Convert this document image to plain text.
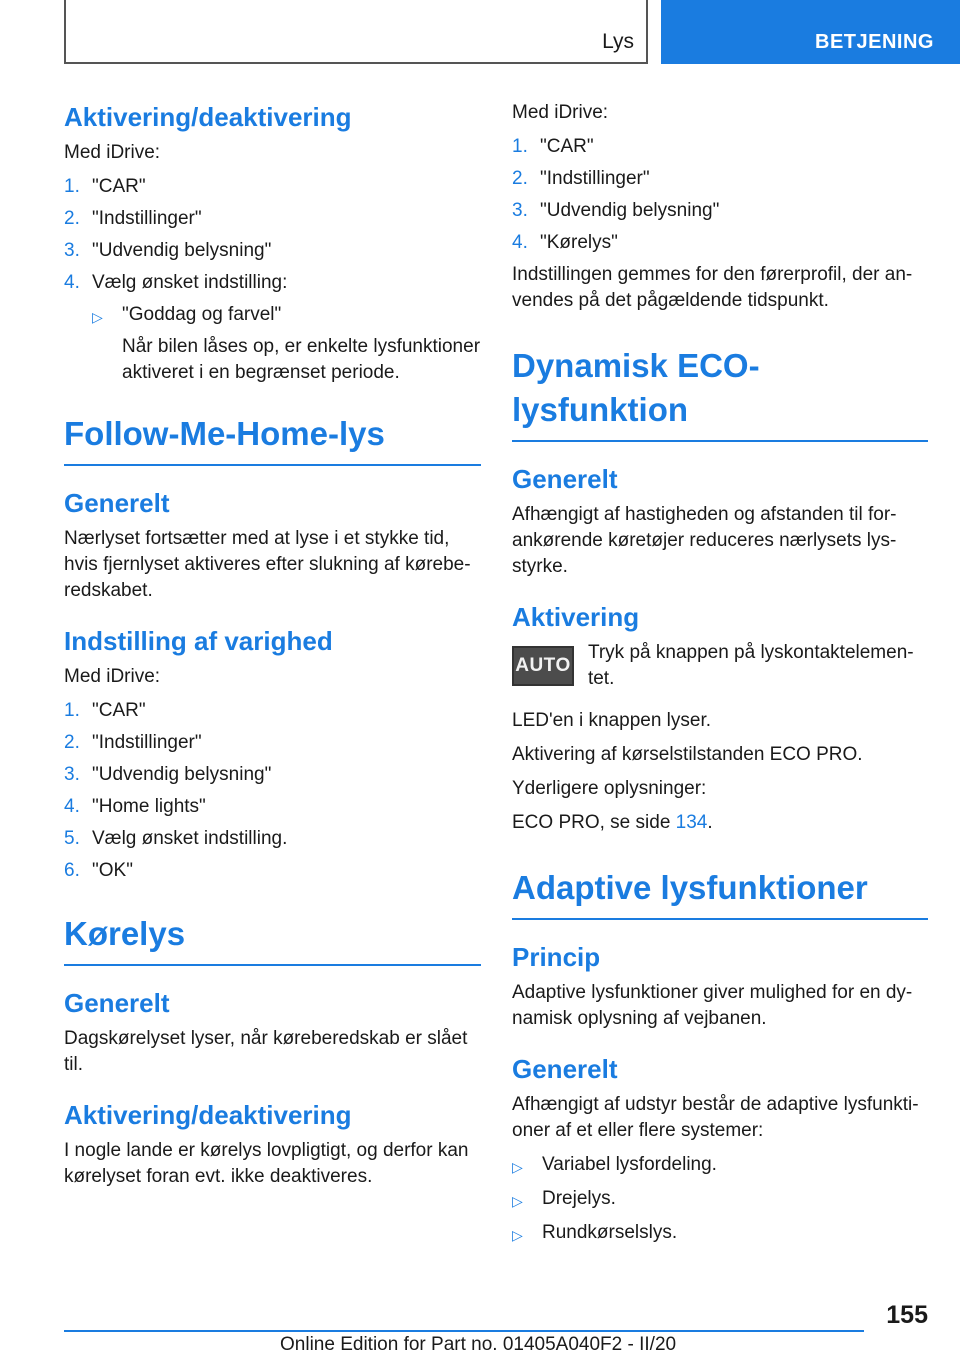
Lys	BETJENING
Aktivering/deaktivering
Med iDrive:
1. "CAR"
2. "Indstillinger"
3. "Udvendig belysning"
4. Vælg ønsket indstilling:
▷	"Goddag og farvel"
Når bilen låses op, er enkelte lysfunktioner aktiveret i en begrænset periode.
Follow-Me-Home-lys
Generelt
Nærlyset fortsætter med at lyse i et stykke tid, hvis fjernlyset aktiveres efter slukning af kørebe-redskabet.
Indstilling af varighed
Med iDrive:
1. "CAR"
2. "Indstillinger"
3. "Udvendig belysning"
4. "Home lights"
5. Vælg ønsket indstilling.
6. "OK"
Kørelys
Generelt
Dagskørelyset lyser, når køreberedskab er slået til.
Aktivering/deaktivering
I nogle lande er kørelys lovpligtigt, og derfor kan kørelyset foran evt. ikke deaktiveres.
Med iDrive:
1. "CAR"
2. "Indstillinger"
3. "Udvendig belysning"
4. "Kørelys"
Indstillingen gemmes for den førerprofil, der an-vendes på det pågældende tidspunkt.
Dynamisk ECO-lysfunktion
Generelt
Afhængigt af hastigheden og afstanden til for-ankørende køretøjer reduceres nærlysets lys-styrke.
Aktivering
AUTO
Tryk på knappen på lyskontaktelemen-tet.
LED'en i knappen lyser.
Aktivering af kørselstilstanden ECO PRO.
Yderligere oplysninger:
ECO PRO, se side 134.
Adaptive lysfunktioner
Princip
Adaptive lysfunktioner giver mulighed for en dy-namisk oplysning af vejbanen.
Generelt
Afhængigt af udstyr består de adaptive lysfunkti-oner af et eller flere systemer:
▷	Variabel lysfordeling.
▷	Drejelys.
▷	Rundkørselslys.
155
Online Edition for Part no. 01405A040F2 - II/20
